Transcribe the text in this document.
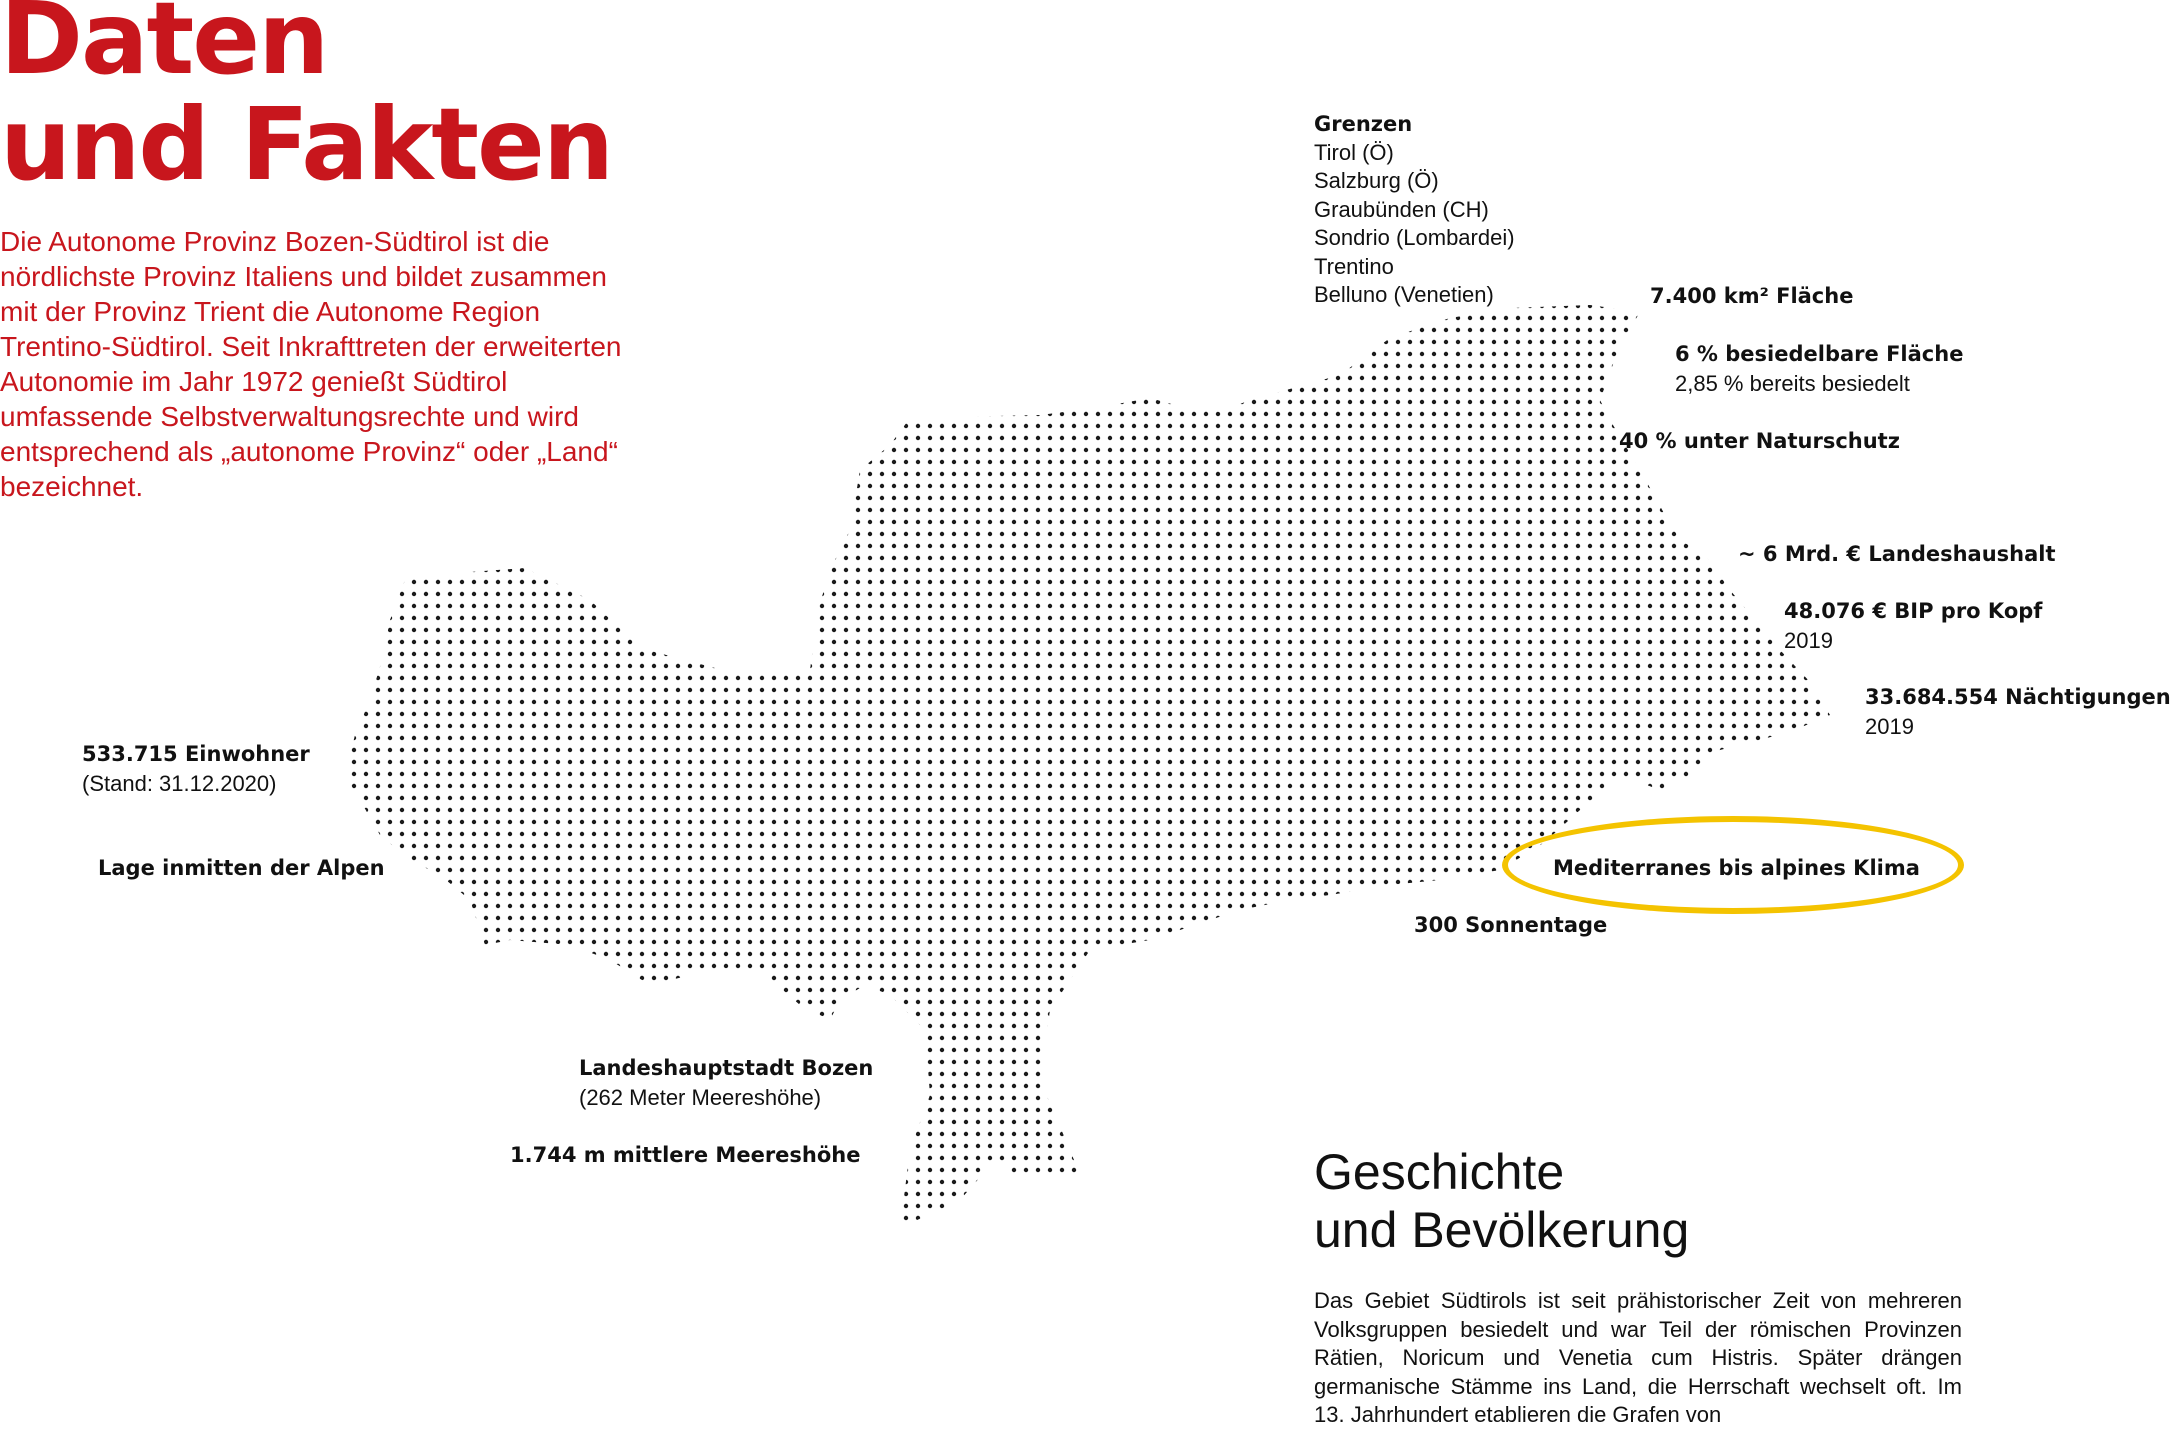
Daten
und Fakten

Die Autonome Provinz Bozen-Südtirol ist die nördlichste Provinz Italiens und bildet zusammen mit der Provinz Trient die Autonome Region Trentino-Südtirol. Seit Inkrafttreten der erweiterten Autonomie im Jahr 1972 genießt Südtirol umfassende Selbstverwaltungsrechte und wird entsprechend als „autonome Provinz“ oder „Land“ bezeichnet.

Grenzen
Tirol (Ö)
Salzburg (Ö)
Graubünden (CH)
Sondrio (Lombardei)
Trentino
Belluno (Venetien)	7.400 km² Fläche
6 % besiedelbare Fläche
2,85 % bereits besiedelt
40 % unter Naturschutz
~ 6 Mrd. € Landeshaushalt
48.076 € BIP pro Kopf
2019
33.684.554 Nächtigungen
2019
Mediterranes bis alpines Klima
300 Sonnentage
533.715 Einwohner
(Stand: 31.12.2020)
Lage inmitten der Alpen
Landeshauptstadt Bozen
(262 Meter Meereshöhe)
1.744 m mittlere Meereshöhe	Geschichte
und Bevölkerung

Das Gebiet Südtirols ist seit prähistorischer Zeit von mehreren Volksgruppen besiedelt und war Teil der römischen Provinzen Rätien, Noricum und Venetia cum Histris. Später drängen germanische Stämme ins Land, die Herrschaft wechselt oft. Im 13. Jahrhundert etablieren die Grafen von
